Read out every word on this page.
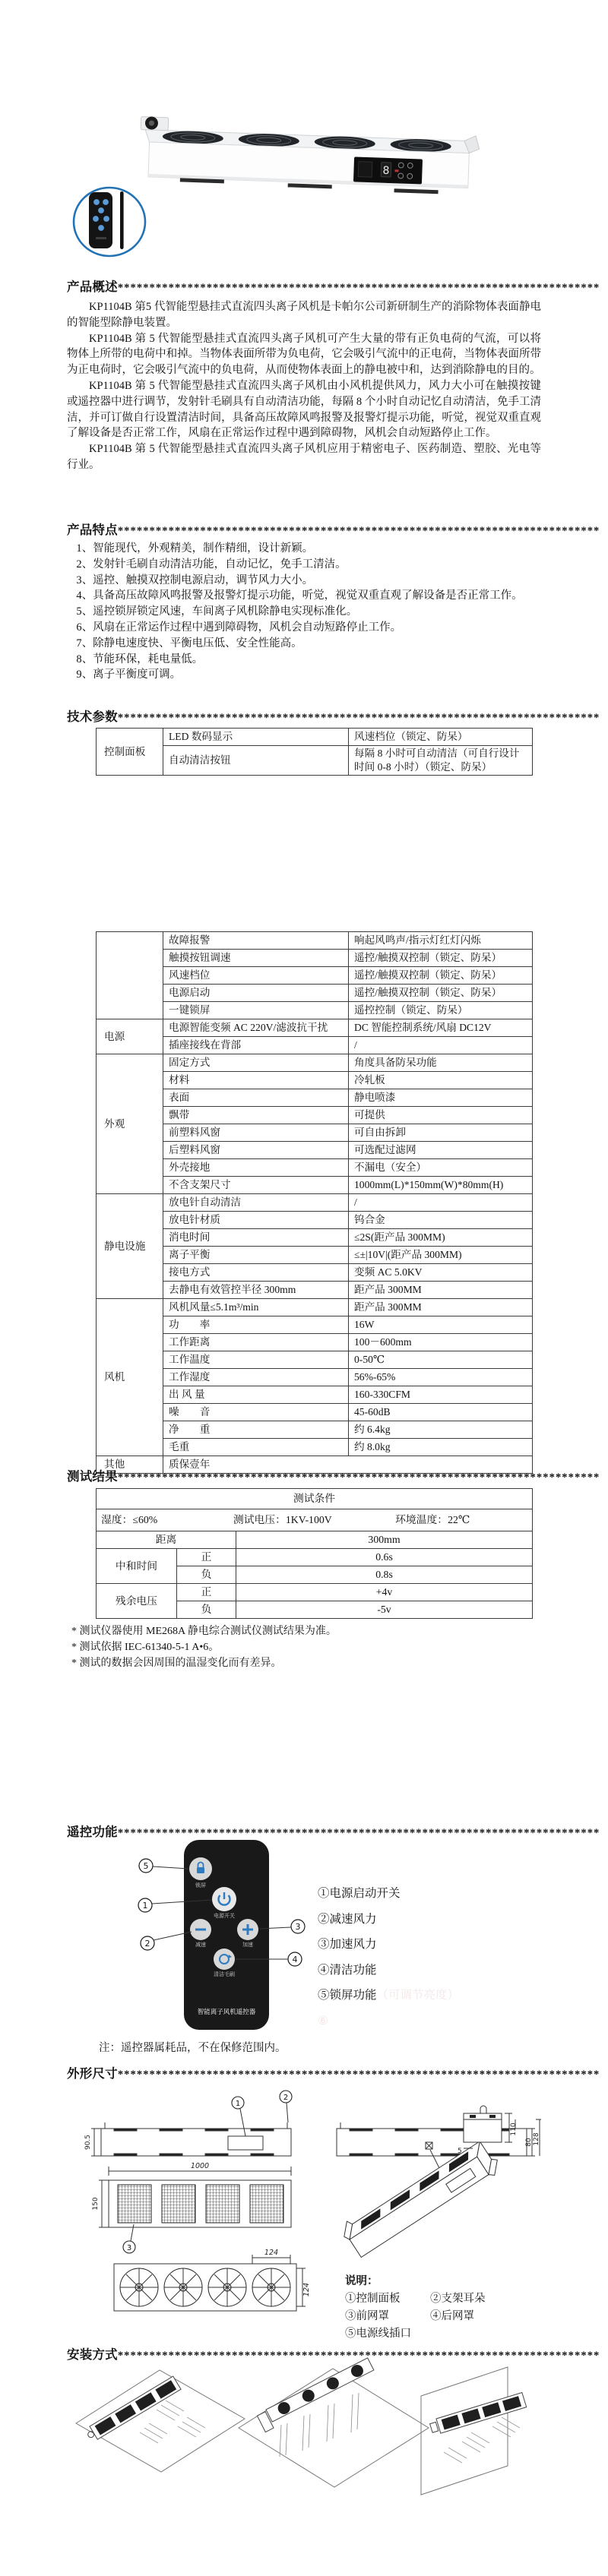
8
产品概述****************************************************************************

KP1104B 第5 代智能型悬挂式直流四头离子风机是卡帕尔公司新研制生产的消除物体表面静电的智能型除静电装置。

KP1104B 第 5 代智能型悬挂式直流四头离子风机可产生大量的带有正负电荷的气流，可以将物体上所带的电荷中和掉。当物体表面所带为负电荷，它会吸引气流中的正电荷，当物体表面所带为正电荷时，它会吸引气流中的负电荷，从而使物体表面上的静电被中和，达到消除静电的目的。

KP1104B 第 5 代智能型悬挂式直流四头离子风机由小风机提供风力，风力大小可在触摸按键或遥控器中进行调节，发射针毛刷具有自动清洁功能，每隔 8 个小时自动记忆自动清洁，免手工清洁，并可订做自行设置清洁时间，具备高压故障风鸣报警及报警灯提示功能，听觉，视觉双重直观了解设备是否正常工作，风扇在正常运作过程中遇到障碍物，风机会自动短路停止工作。

KP1104B 第 5 代智能型悬挂式直流四头离子风机应用于精密电子、医药制造、塑胶、光电等行业。

产品特点****************************************************************************
1、智能现代，外观精美，制作精细，设计新颖。
2、发射针毛刷自动清洁功能，自动记忆，免手工清洁。
3、遥控、触摸双控制电源启动，调节风力大小。
4、具备高压故障风鸣报警及报警灯提示功能，听觉，视觉双重直观了解设备是否正常工作。
5、遥控锁屏锁定风速，车间离子风机除静电实现标准化。
6、风扇在正常运作过程中遇到障碍物，风机会自动短路停止工作。
7、除静电速度快、平衡电压低、安全性能高。
8、节能环保，耗电量低。
9、离子平衡度可调。
技术参数****************************************************************************
控制面板	LED 数码显示	风速档位（锁定、防呆）
	自动清洁按钮	每隔 8 小时可自动清洁（可自行设计时间 0-8 小时）（锁定、防呆）
	故障报警	响起风鸣声/指示灯红灯闪烁
	触摸按钮调速	遥控/触摸双控制（锁定、防呆）
	风速档位	遥控/触摸双控制（锁定、防呆）
	电源启动	遥控/触摸双控制（锁定、防呆）
	一键锁屏	遥控控制（锁定、防呆）
电源	电源智能变频 AC 220V/滤波抗干扰	DC 智能控制系统/风扇 DC12V
	插座接线在背部	/
外观	固定方式	角度具备防呆功能
	材料	冷轧板
	表面	静电喷漆
	飘带	可提供
	前塑料风窗	可自由拆卸
	后塑料风窗	可选配过滤网
	外壳接地	不漏电（安全）
	不含支架尺寸	1000mm(L)*150mm(W)*80mm(H)
静电设施	放电针自动清洁	/
	放电针材质	钨合金
	消电时间	≤2S(距产品 300MM)
	离子平衡	≤±|10V|(距产品 300MM)
	接电方式	变频 AC 5.0KV
	去静电有效管控半径 300mm	距产品 300MM
风机	风机风量≤5.1m³/min	距产品 300MM
	功　　率	16W
	工作距离	100－600mm
	工作温度	0-50℃
	工作湿度	56%-65%
	出 风 量	160-330CFM
	噪　　音	45-60dB
	净　　重	约 6.4kg
	毛重	约 8.0kg
其他	质保壹年	
测试结果****************************************************************************
测试条件		

湿度：≤60% 测试电压：1KV-100V 环境温度：22℃		

距离		300mm
中和时间	正	0.6s
	负	0.8s
残余电压	正	+4v
	负	-5v
* 测试仪器使用 ME268A 静电综合测试仪测试结果为准。
* 测试依据 IEC-61340-5-1 A•6。
* 测试的数据会因周围的温湿变化而有差异。
遥控功能****************************************************************************
锁屏
电源开关
减速	加速
清洁毛刷
智能离子风机遥控器
5
1
2
3
4
①电源启动开关
②减速风力
③加速风力
④清洁功能
⑤锁屏功能（可调节亮度）
⑥
注：遥控器属耗品，不在保修范围内。
外形尺寸****************************************************************************
90.5
1
2
80 128
1000
150
3
124
124
110
5
说明：
①控制面板	②支架耳朵
③前网罩	④后网罩
⑤电源线插口
安装方式****************************************************************************
